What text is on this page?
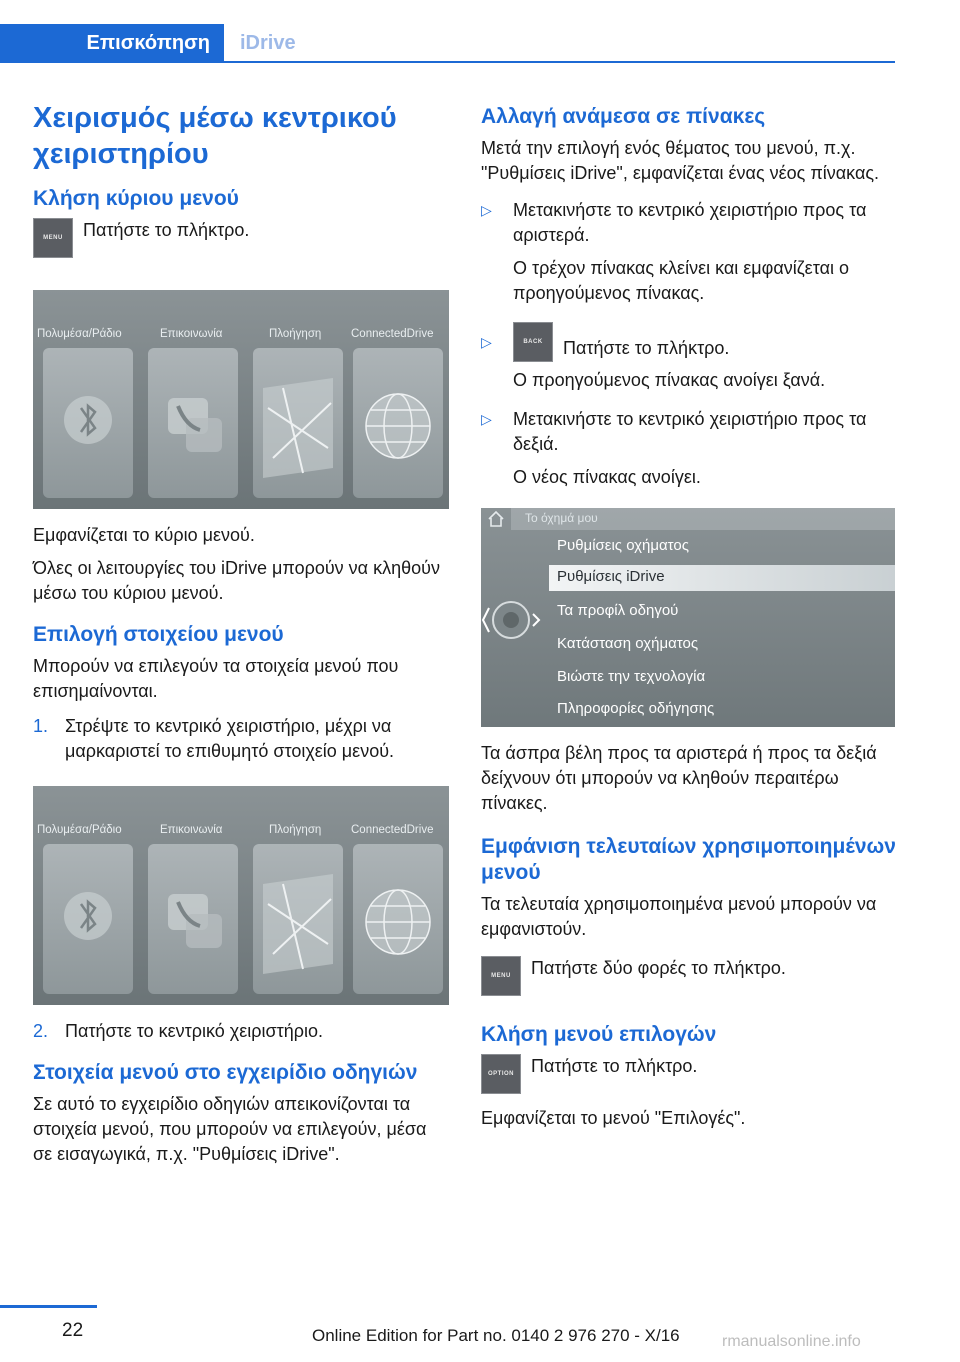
Επισκόπηση	iDrive
Χειρισμός μέσω κεντρικού χειριστηρίου
Κλήση κύριου μενού
MENU	Πατήστε το πλήκτρο.
Πολυμέσα/Ράδιο	Επικοινωνία	Πλοήγηση	ConnectedDrive
Εμφανίζεται το κύριο μενού.
Όλες οι λειτουργίες του iDrive μπορούν να κληθούν μέσω του κύριου μενού.
Επιλογή στοιχείου μενού
Μπορούν να επιλεγούν τα στοιχεία μενού που επισημαίνονται.
1. Στρέψτε το κεντρικό χειριστήριο, μέχρι να μαρκαριστεί το επιθυμητό στοιχείο μενού.
Πολυμέσα/Ράδιο	Επικοινωνία	Πλοήγηση	ConnectedDrive
2. Πατήστε το κεντρικό χειριστήριο.
Στοιχεία μενού στο εγχειρίδιο οδηγιών
Σε αυτό το εγχειρίδιο οδηγιών απεικονίζονται τα στοιχεία μενού, που μπορούν να επιλεγούν, μέσα σε εισαγωγικά, π.χ. "Ρυθμίσεις iDrive".
Αλλαγή ανάμεσα σε πίνακες
Μετά την επιλογή ενός θέματος του μενού, π.χ. "Ρυθμίσεις iDrive", εμφανίζεται ένας νέος πίνακας.
▷	Μετακινήστε το κεντρικό χειριστήριο προς τα αριστερά.
Ο τρέχον πίνακας κλείνει και εμφανίζεται ο προηγούμενος πίνακας.
▷	BACK	Πατήστε το πλήκτρο.
Ο προηγούμενος πίνακας ανοίγει ξανά.
▷	Μετακινήστε το κεντρικό χειριστήριο προς τα δεξιά.
Ο νέος πίνακας ανοίγει.
Το όχημά μου
Ρυθμίσεις οχήματος
Ρυθμίσεις iDrive
Τα προφίλ οδηγού
Κατάσταση οχήματος
Βιώστε την τεχνολογία
Πληροφορίες οδήγησης
Τα άσπρα βέλη προς τα αριστερά ή προς τα δεξιά δείχνουν ότι μπορούν να κληθούν περαιτέρω πίνακες.
Εμφάνιση τελευταίων χρησιμοποιημένων μενού
Τα τελευταία χρησιμοποιημένα μενού μπορούν να εμφανιστούν.
MENU	Πατήστε δύο φορές το πλήκτρο.
Κλήση μενού επιλογών
OPTION Πατήστε το πλήκτρο.
Εμφανίζεται το μενού "Επιλογές".
22	Online Edition for Part no. 0140 2 976 270 - X/16	rmanualsonline.info
